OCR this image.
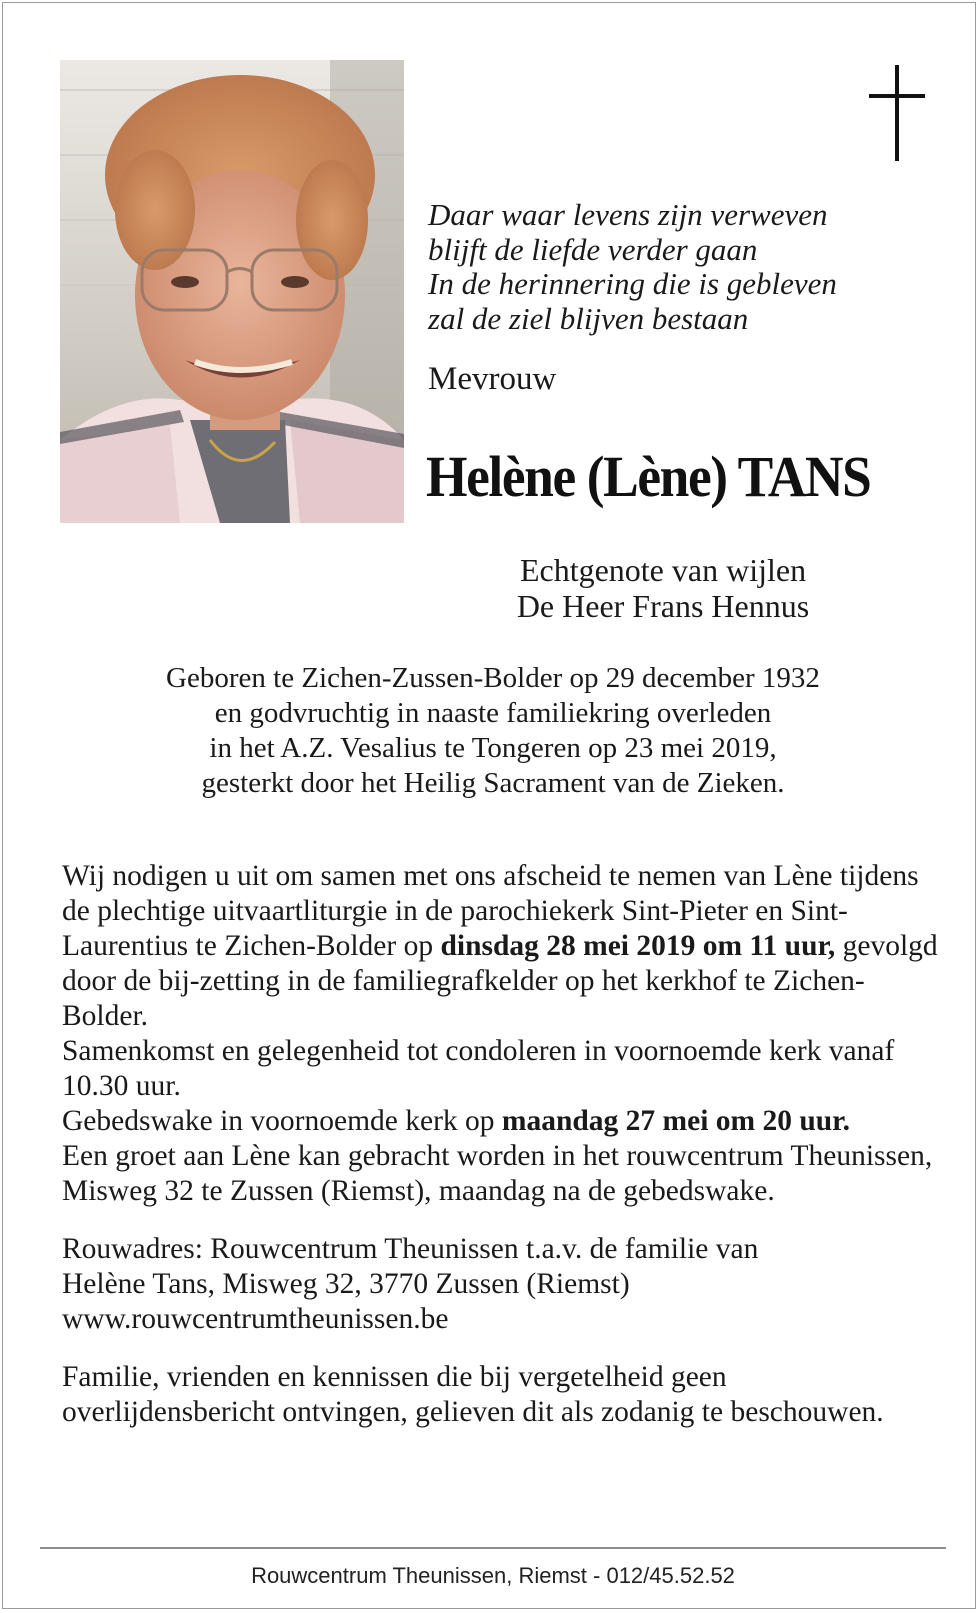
Daar waar levens zijn verweven
blijft de liefde verder gaan
In de herinnering die is gebleven
zal de ziel blijven bestaan
Mevrouw
Helène (Lène) TANS
Echtgenote van wijlen
De Heer Frans Hennus
Geboren te Zichen-Zussen-Bolder op 29 december 1932
en godvruchtig in naaste familiekring overleden
in het A.Z. Vesalius te Tongeren op 23 mei 2019,
gesterkt door het Heilig Sacrament van de Zieken.

Wij nodigen u uit om samen met ons afscheid te nemen van Lène tijdens de plechtige uitvaartliturgie in de parochiekerk Sint-Pieter en Sint-Laurentius te Zichen-Bolder op dinsdag 28 mei 2019 om 11 uur, gevolgd door de bij-zetting in de familiegrafkelder op het kerkhof te Zichen-Bolder.

Samenkomst en gelegenheid tot condoleren in voornoemde kerk vanaf 10.30 uur.

Gebedswake in voornoemde kerk op maandag 27 mei om 20 uur.

Een groet aan Lène kan gebracht worden in het rouwcentrum Theunissen, Misweg 32 te Zussen (Riemst), maandag na de gebedswake.

Rouwadres: Rouwcentrum Theunissen t.a.v. de familie van
Helène Tans, Misweg 32, 3770 Zussen (Riemst)
www.rouwcentrumtheunissen.be

Familie, vrienden en kennissen die bij vergetelheid geen overlijdensbericht ontvingen, gelieven dit als zodanig te beschouwen.

Rouwcentrum Theunissen, Riemst - 012/45.52.52
